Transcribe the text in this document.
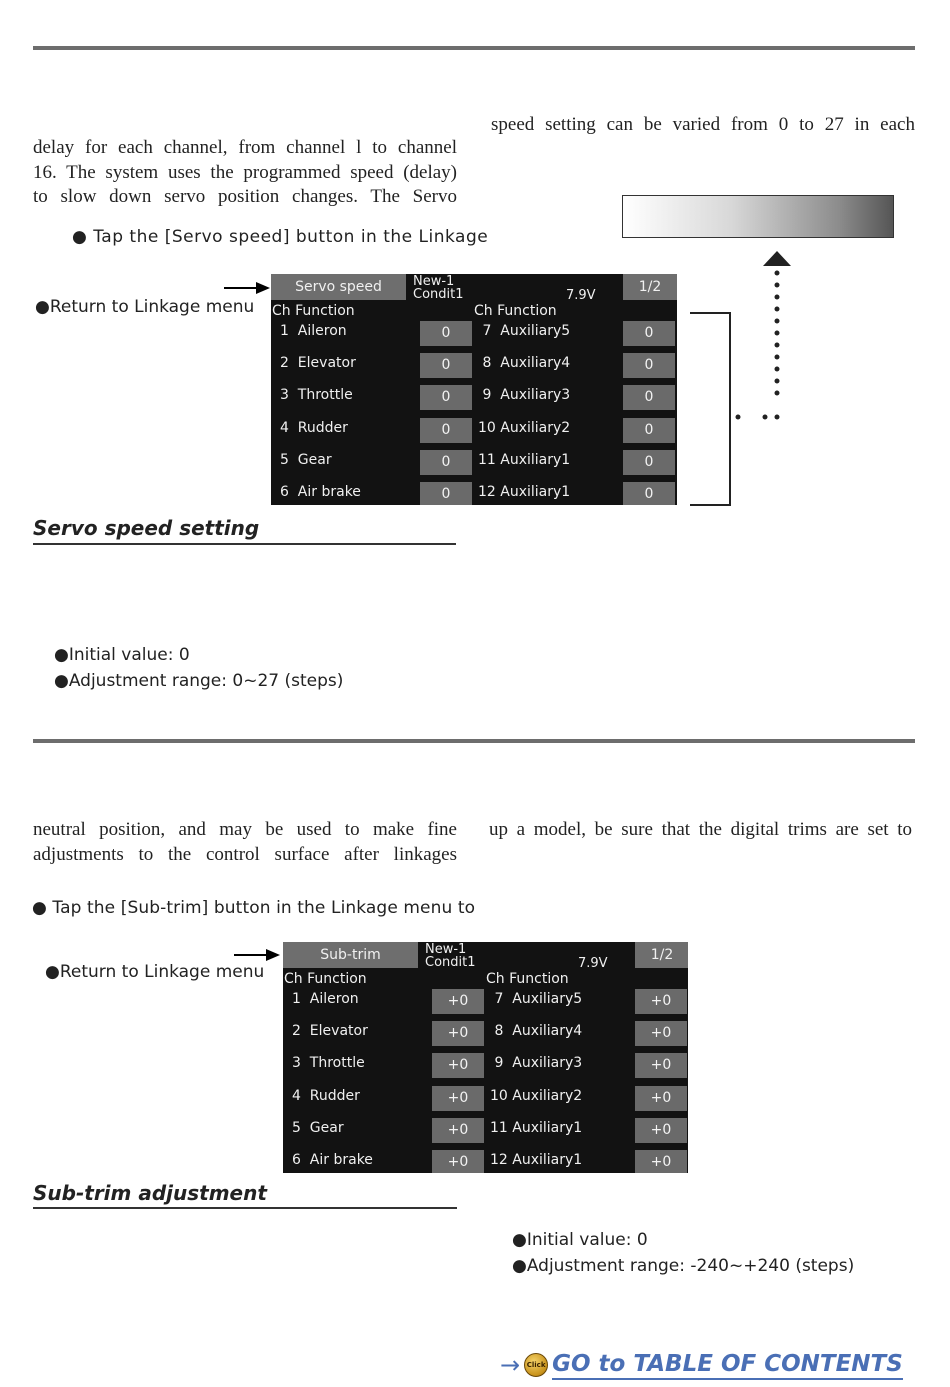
speed setting can be varied from 0 to 27 in each
delay for each channel, from channel l to channel
16. The system uses the programmed speed (delay)
to slow down servo position changes. The Servo
● Tap the [Servo speed] button in the Linkage
●Return to Linkage menu
Servo speed	New-1
Condit1	7.9V
1/2
Ch Function	Ch Function
1  Aileron	0	7  Auxiliary5	0
2  Elevator	0	8  Auxiliary4	0
3  Throttle	0	9  Auxiliary3	0
4  Rudder	0	10 Auxiliary2	0
5  Gear	0	11 Auxiliary1	0
6  Air brake	0	12 Auxiliary1	0
Servo speed setting
●Initial value: 0
●Adjustment range: 0~27 (steps)
neutral position, and may be used to make fine
adjustments to the control surface after linkages
up a model, be sure that the digital trims are set to
● Tap the [Sub-trim] button in the Linkage menu to
●Return to Linkage menu
Sub-trim	New-1
Condit1	7.9V
1/2
Ch Function	Ch Function
1  Aileron	+0	7  Auxiliary5	+0
2  Elevator	+0	8  Auxiliary4	+0
3  Throttle	+0	9  Auxiliary3	+0
4  Rudder	+0	10 Auxiliary2	+0
5  Gear	+0	11 Auxiliary1	+0
6  Air brake	+0	12 Auxiliary1	+0
Sub-trim adjustment
●Initial value: 0
●Adjustment range: -240~+240 (steps)
→ Click GO to TABLE OF CONTENTS
